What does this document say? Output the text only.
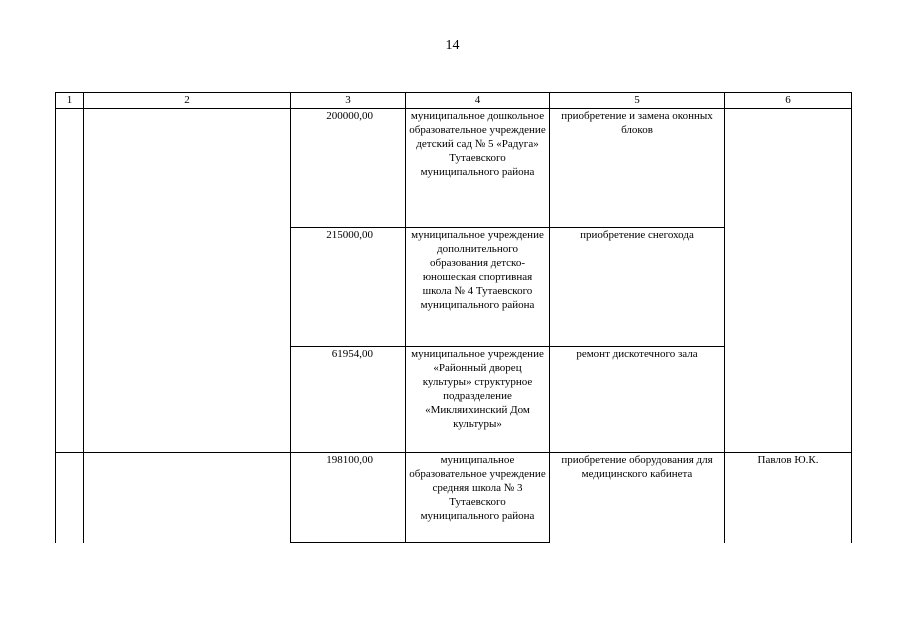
14
1	2	3	4	5	6
		200000,00	муниципальное дошкольное образовательное учреждение детский сад № 5 «Радуга» Тутаевского муниципального района	приобретение и замена оконных блоков	
		215000,00	муниципальное учреждение дополнительного образования детско-юношеская спортивная школа № 4 Тутаевского муниципального района	приобретение снегохода	
		61954,00	муниципальное учреждение «Районный дворец культуры» структурное подразделение «Микляихинский Дом культуры»	ремонт дискотечного зала	
		198100,00	муниципальное образовательное учреждение средняя школа № 3 Тутаевского муниципального района	приобретение оборудования для медицинского кабинета	Павлов Ю.К.
